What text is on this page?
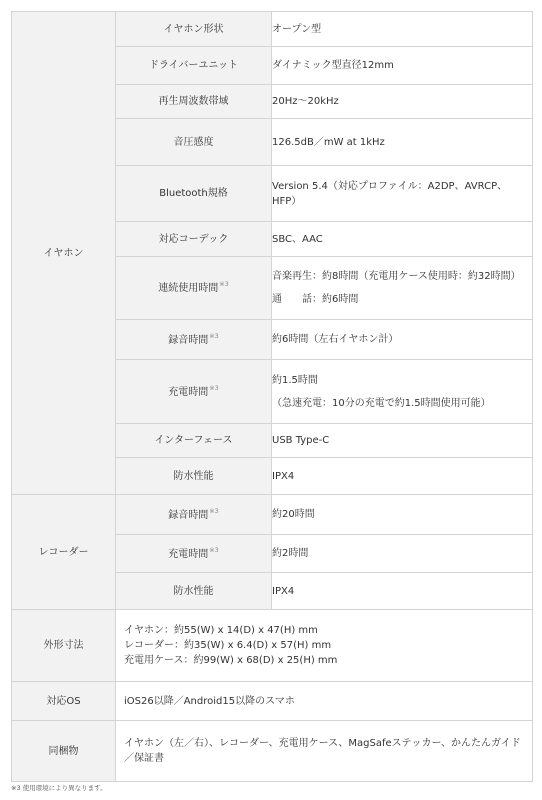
イヤホン	イヤホン形状	オープン型
	ドライバーユニット	ダイナミック型直径12mm
	再生周波数帯域	20Hz～20kHz
	音圧感度	126.5dB／mW at 1kHz
	Bluetooth規格	Version 5.4（対応プロファイル：A2DP、AVRCP、
HFP）

	対応コーデック	SBC、AAC
	連続使用時間$^{※3}$	音楽再生：約8時間（充電用ケース使用時：約32時間）
通　　話：約6時間

	録音時間$^{※3}$	約6時間（左右イヤホン計）
	充電時間$^{※3}$	約1.5時間
（急速充電：10分の充電で約1.5時間使用可能）

	インターフェース	USB Type-C
	防水性能	IPX4
レコーダー	録音時間$^{※3}$	約20時間
	充電時間$^{※3}$	約2時間
	防水性能	IPX4
外形寸法	イヤホン：約55(W) x 14(D) x 47(H) mm
レコーダー：約35(W) x 6.4(D) x 57(H) mm
充電用ケース：約99(W) x 68(D) x 25(H) mm	

対応OS	iOS26以降／Android15以降のスマホ	
同梱物	イヤホン（左／右）、レコーダー、充電用ケース、MagSafeステッカー、かんたんガイド
／保証書	
※3 使用環境により異なります。
